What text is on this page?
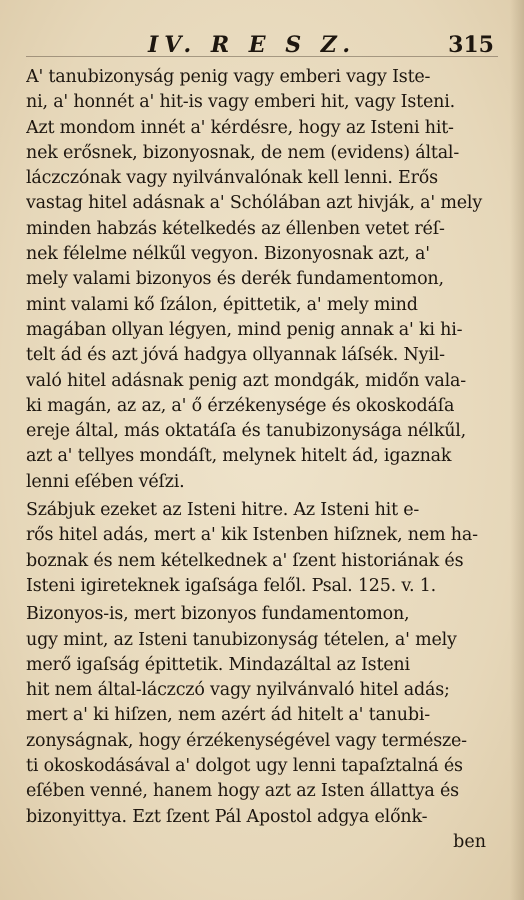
IV. R E S Z.	315
A' tanubizonyság penig vagy emberi vagy Iste-
ni, a' honnét a' hit-is vagy emberi hit, vagy Isteni.
Azt mondom innét a' kérdésre, hogy az Isteni hit-
nek erősnek, bizonyosnak, de nem (evidens) által-
láczczónak vagy nyilvánvalónak kell lenni. Erős
vastag hitel adásnak a' Schólában azt hivják, a' mely
minden habzás kételkedés az éllenben vetet réſ-
nek félelme nélkűl vegyon. Bizonyosnak azt, a'
mely valami bizonyos és derék fundamentomon,
mint valami kő ſzálon, épittetik, a' mely mind
magában ollyan légyen, mind penig annak a' ki hi-
telt ád és azt jóvá hadgya ollyannak láſsék. Nyil-
való hitel adásnak penig azt mondgák, midőn vala-
ki magán, az az, a' ő érzékenysége és okoskodáſa
ereje által, más oktatáſa és tanubizonysága nélkűl,
azt a' tellyes mondáſt, melynek hitelt ád, igaznak
lenni eſében véſzi.
Szábjuk ezeket az Isteni hitre. Az Isteni hit e-
rős hitel adás, mert a' kik Istenben hiſznek, nem ha-
boznak és nem kételkednek a' ſzent historiának és
Isteni igireteknek igaſsága felől. Psal. 125. v. 1.
Bizonyos-is, mert bizonyos fundamentomon,
ugy mint, az Isteni tanubizonyság tételen, a' mely
merő igaſság épittetik. Mindazáltal az Isteni
hit nem által-láczczó vagy nyilvánvaló hitel adás;
mert a' ki hiſzen, nem azért ád hitelt a' tanubi-
zonyságnak, hogy érzékenységével vagy természe-
ti okoskodásával a' dolgot ugy lenni tapaſztalná és
eſében venné, hanem hogy azt az Isten állattya és
bizonyittya. Ezt ſzent Pál Apostol adgya előnk-
ben
